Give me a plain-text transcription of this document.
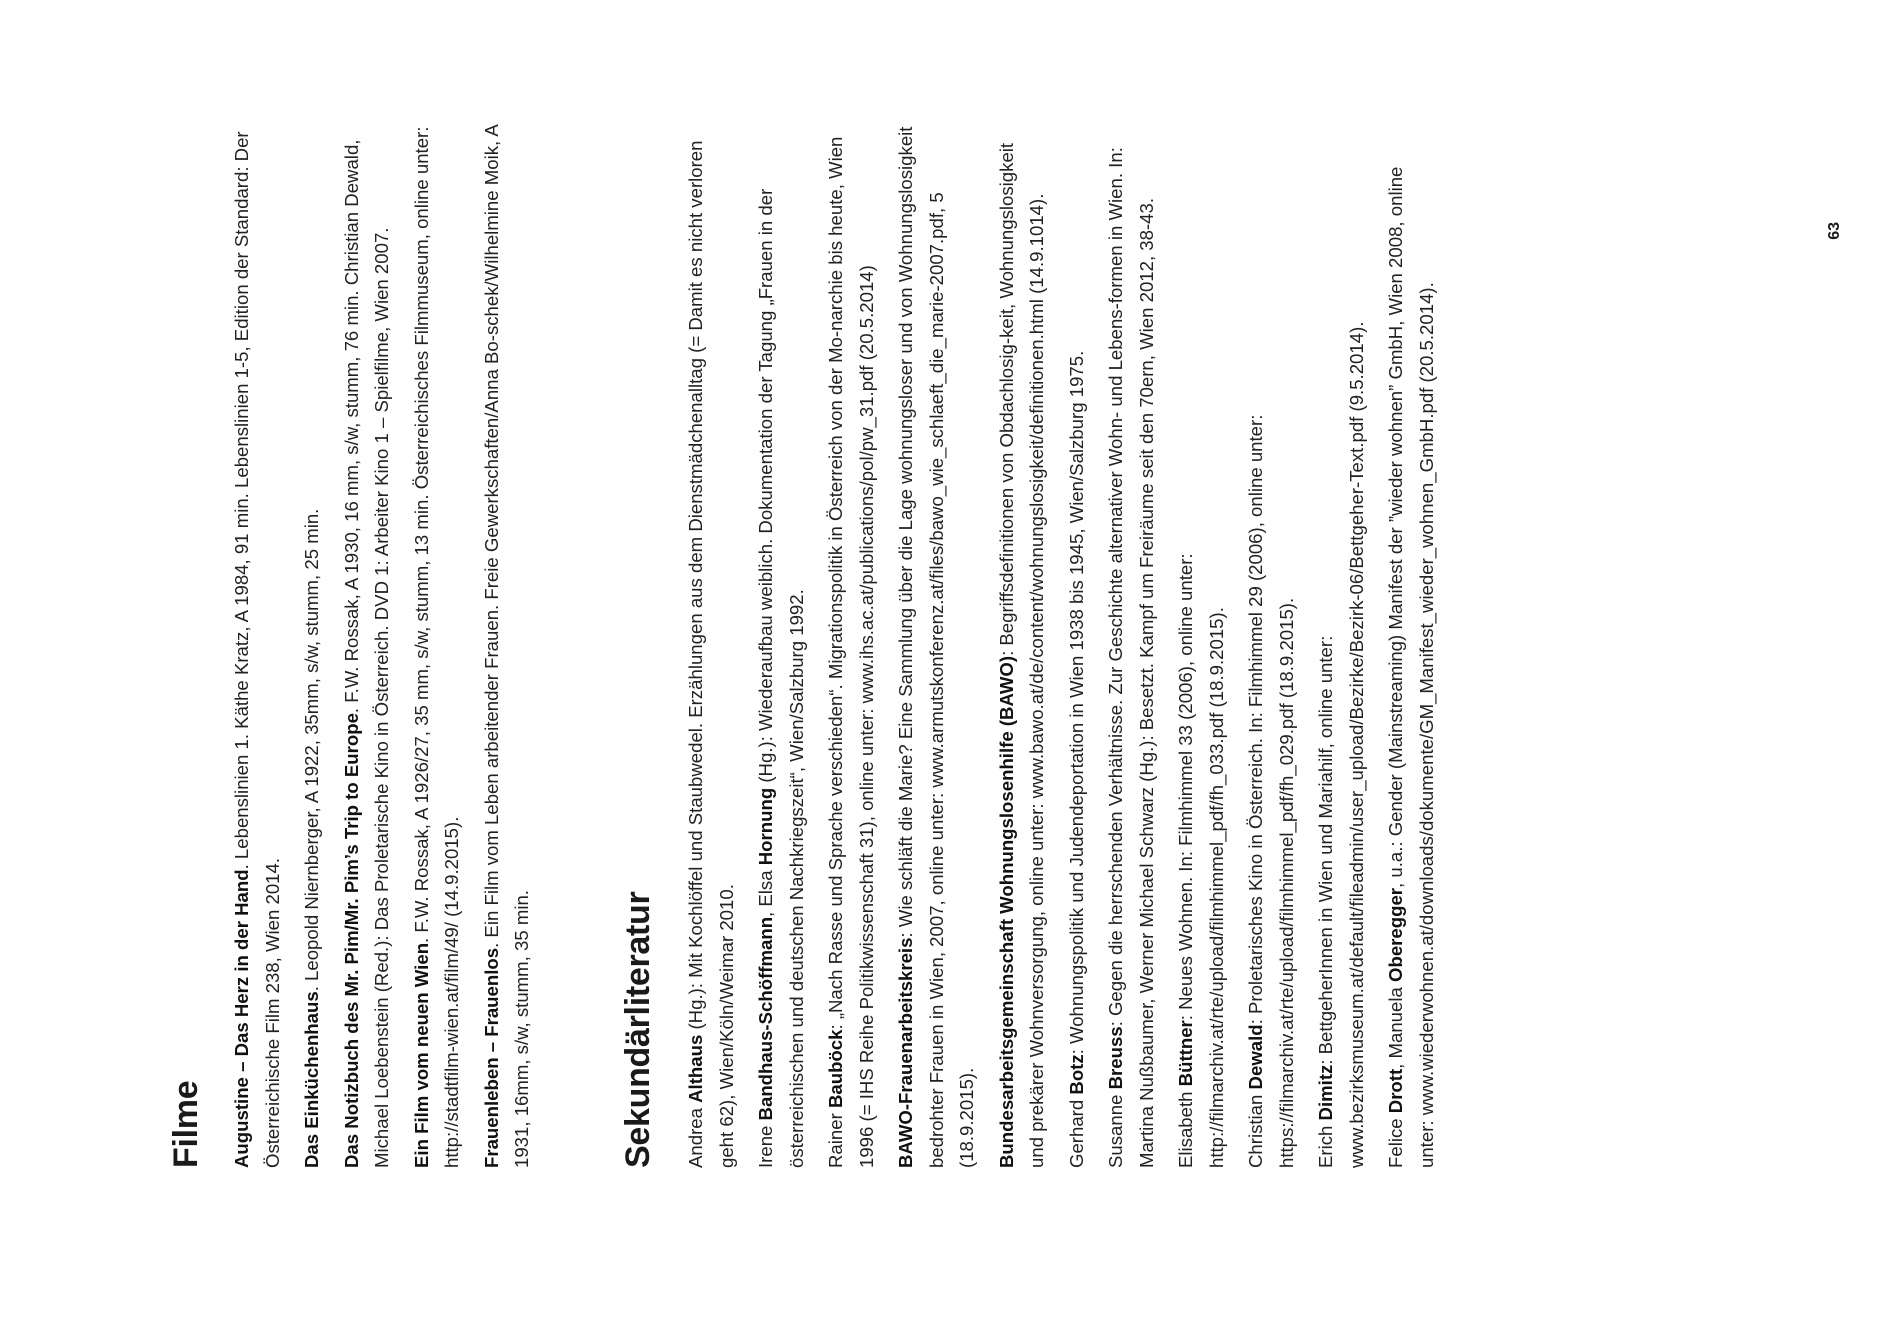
Filme Augustine – Das Herz in der Hand. Lebenslinien 1. Käthe Kratz, A 1984, 91 min. Lebenslinien 1-5, Edition der Standard: Der Österreichische Film 238, Wien 2014. Das Einküchenhaus. Leopold Niernberger, A 1922, 35mm, s/w, stumm, 25 min. Das Notizbuch des Mr. Pim/Mr. Pim’s Trip to Europe. F.W. Rossak, A 1930, 16 mm, s/w, stumm, 76 min. Christian Dewald, Michael Loebenstein (Red.): Das Proletarische Kino in Österreich. DVD 1: Arbeiter Kino 1 – Spielfilme, Wien 2007. Ein Film vom neuen Wien. F.W. Rossak, A 1926/27, 35 mm, s/w, stumm, 13 min. Österreichisches Filmmuseum, online unter: http://stadtfilm-wien.at/film/49/ (14.9.2015). Frauenleben – Frauenlos. Ein Film vom Leben arbeitender Frauen. Freie Gewerkschaften/Anna Bo-schek/Wilhelmine Moik, A 1931, 16mm, s/w, stumm, 35 min.	Sekundärliteratur Andrea Althaus (Hg.): Mit Kochlöffel und Staubwedel. Erzählungen aus dem Dienstmädchenalltag (= Damit es nicht verloren geht 62), Wien/Köln/Weimar 2010. Irene Bandhaus-Schöffmann, Elsa Hornung (Hg.): Wiederaufbau weiblich. Dokumentation der Tagung „Frauen in der österreichischen und deutschen Nachkriegszeit“, Wien/Salzburg 1992. Rainer Bauböck: „Nach Rasse und Sprache verschieden“. Migrationspolitik in Österreich von der Mo-narchie bis heute, Wien 1996 (= IHS Reihe Politikwissenschaft 31), online unter: www.ihs.ac.at/publications/pol/pw_31.pdf (20.5.2014) BAWO-Frauenarbeitskreis: Wie schläft die Marie? Eine Sammlung über die Lage wohnungsloser und von Wohnungslosigkeit bedrohter Frauen in Wien, 2007, online unter: www.armutskonferenz.at/files/bawo_wie_schlaeft_die_marie-2007.pdf, 5 (18.9.2015). Bundesarbeitsgemeinschaft Wohnungslosenhilfe (BAWO): Begriffsdefinitionen von Obdachlosig-keit, Wohnungslosigkeit und prekärer Wohnversorgung, online unter: www.bawo.at/de/content/wohnungslosigkeit/definitionen.html (14.9.1014). Gerhard Botz: Wohnungspolitik und Judendeportation in Wien 1938 bis 1945, Wien/Salzburg 1975.

Susanne Breuss: Gegen die herrschenden Verhältnisse. Zur Geschichte alternativer Wohn- und Lebens-formen in Wien. In: Martina Nußbaumer, Werner Michael Schwarz (Hg.): Besetzt. Kampf um Freiräume seit den 70ern, Wien 2012, 38-43. Elisabeth Büttner: Neues Wohnen. In: Filmhimmel 33 (2006), online unter: http://filmarchiv.at/rte/upload/filmhimmel_pdf/fh_033.pdf (18.9.2015). Christian Dewald: Proletarisches Kino in Österreich. In: Filmhimmel 29 (2006), online unter: https://filmarchiv.at/rte/upload/filmhimmel_pdf/fh_029.pdf (18.9.2015). Erich Dimitz: BettgeherInnen in Wien und Mariahilf, online unter: www.bezirksmuseum.at/default/fileadmin/user_upload/Bezirke/Bezirk-06/Bettgeher-Text.pdf (9.5.2014). Felice Drott, Manuela Oberegger, u.a.: Gender (Mainstreaming) Manifest der ”wieder wohnen” GmbH, Wien 2008, online unter: www.wiederwohnen.at/downloads/dokumente/GM_Manifest_wieder_wohnen_GmbH.pdf (20.5.2014).

63
